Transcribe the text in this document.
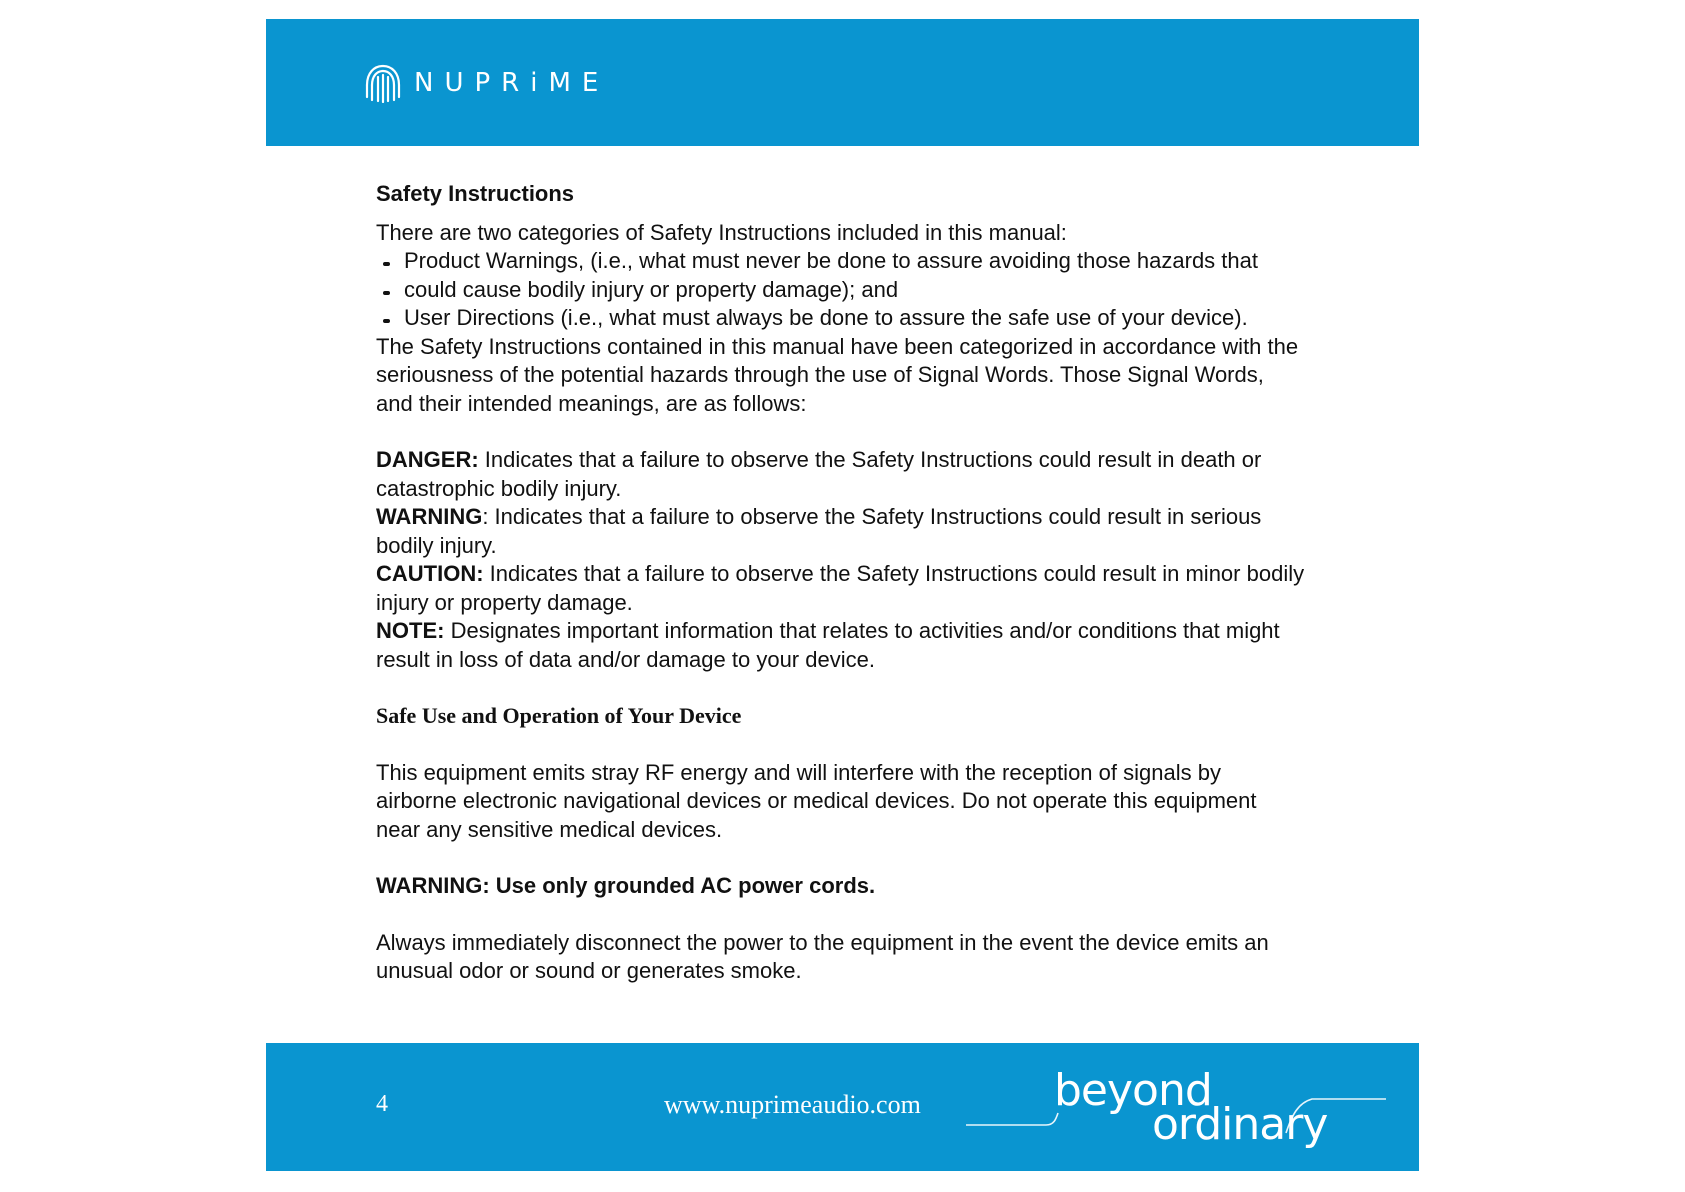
NUPRiME

Safety Instructions

There are two categories of Safety Instructions included in this manual:

Product Warnings, (i.e., what must never be done to assure avoiding those hazards that
could cause bodily injury or property damage); and
User Directions (i.e., what must always be done to assure the safe use of your device).

The Safety Instructions contained in this manual have been categorized in accordance with the seriousness of the potential hazards through the use of Signal Words. Those Signal Words, and their intended meanings, are as follows:

DANGER: Indicates that a failure to observe the Safety Instructions could result in death or catastrophic bodily injury.

WARNING: Indicates that a failure to observe the Safety Instructions could result in serious bodily injury.

CAUTION: Indicates that a failure to observe the Safety Instructions could result in minor bodily injury or property damage.

NOTE: Designates important information that relates to activities and/or conditions that might result in loss of data and/or damage to your device.

Safe Use and Operation of Your Device

This equipment emits stray RF energy and will interfere with the reception of signals by airborne electronic navigational devices or medical devices. Do not operate this equipment near any sensitive medical devices.

WARNING: Use only grounded AC power cords.

Always immediately disconnect the power to the equipment in the event the device emits an unusual odor or sound or generates smoke.

4	www.nuprimeaudio.com	beyond
ordinary
